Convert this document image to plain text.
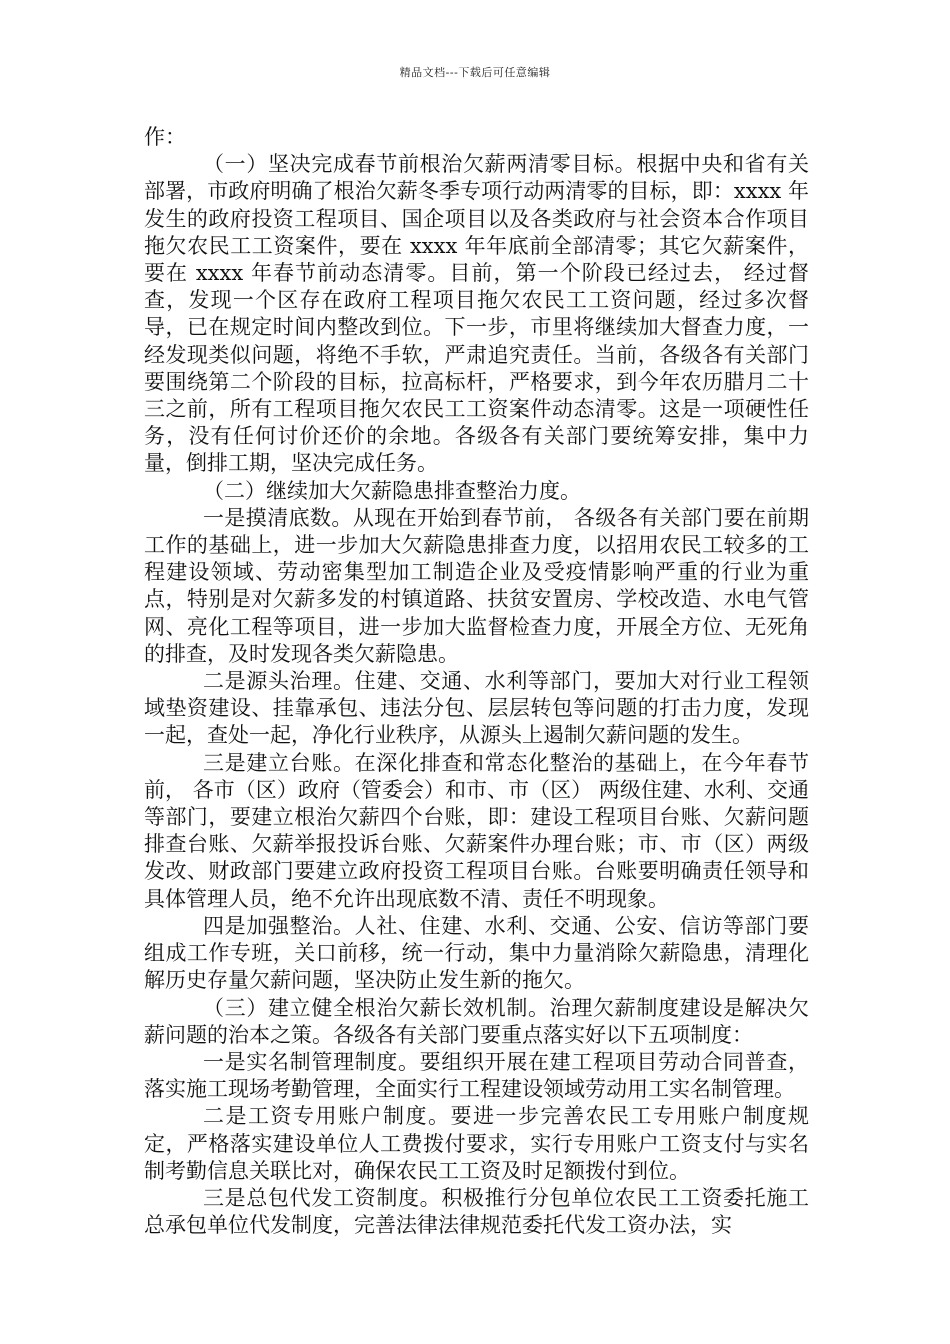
精品文档---下载后可任意编辑

作：

（一）坚决完成春节前根治欠薪两清零目标。根据中央和省有关部署，市政府明确了根治欠薪冬季专项行动两清零的目标，即：xxxx 年发生的政府投资工程项目、国企项目以及各类政府与社会资本合作项目拖欠农民工工资案件，要在 xxxx 年年底前全部清零；其它欠薪案件，要在 xxxx 年春节前动态清零。目前，第一个阶段已经过去， 经过督查，发现一个区存在政府工程项目拖欠农民工工资问题，经过多次督导，已在规定时间内整改到位。下一步，市里将继续加大督查力度，一经发现类似问题，将绝不手软，严肃追究责任。当前，各级各有关部门要围绕第二个阶段的目标，拉高标杆，严格要求，到今年农历腊月二十三之前，所有工程项目拖欠农民工工资案件动态清零。这是一项硬性任务，没有任何讨价还价的余地。各级各有关部门要统筹安排，集中力量，倒排工期，坚决完成任务。

（二）继续加大欠薪隐患排查整治力度。

一是摸清底数。从现在开始到春节前， 各级各有关部门要在前期工作的基础上，进一步加大欠薪隐患排查力度，以招用农民工较多的工程建设领域、劳动密集型加工制造企业及受疫情影响严重的行业为重点，特别是对欠薪多发的村镇道路、扶贫安置房、学校改造、水电气管网、亮化工程等项目，进一步加大监督检查力度，开展全方位、无死角的排查，及时发现各类欠薪隐患。

二是源头治理。住建、交通、水利等部门，要加大对行业工程领域垫资建设、挂靠承包、违法分包、层层转包等问题的打击力度，发现一起，查处一起，净化行业秩序，从源头上遏制欠薪问题的发生。

三是建立台账。在深化排查和常态化整治的基础上，在今年春节前， 各市（区）政府（管委会）和市、市（区） 两级住建、水利、交通等部门，要建立根治欠薪四个台账，即：建设工程项目台账、欠薪问题排查台账、欠薪举报投诉台账、欠薪案件办理台账；市、市（区）两级发改、财政部门要建立政府投资工程项目台账。台账要明确责任领导和具体管理人员，绝不允许出现底数不清、责任不明现象。

四是加强整治。人社、住建、水利、交通、公安、信访等部门要组成工作专班，关口前移，统一行动，集中力量消除欠薪隐患，清理化解历史存量欠薪问题，坚决防止发生新的拖欠。

（三）建立健全根治欠薪长效机制。治理欠薪制度建设是解决欠薪问题的治本之策。各级各有关部门要重点落实好以下五项制度：

一是实名制管理制度。要组织开展在建工程项目劳动合同普查，落实施工现场考勤管理，全面实行工程建设领域劳动用工实名制管理。

二是工资专用账户制度。要进一步完善农民工专用账户制度规定，严格落实建设单位人工费拨付要求，实行专用账户工资支付与实名制考勤信息关联比对，确保农民工工资及时足额拨付到位。

三是总包代发工资制度。积极推行分包单位农民工工资委托施工总承包单位代发制度，完善法律法律规范委托代发工资办法，实
